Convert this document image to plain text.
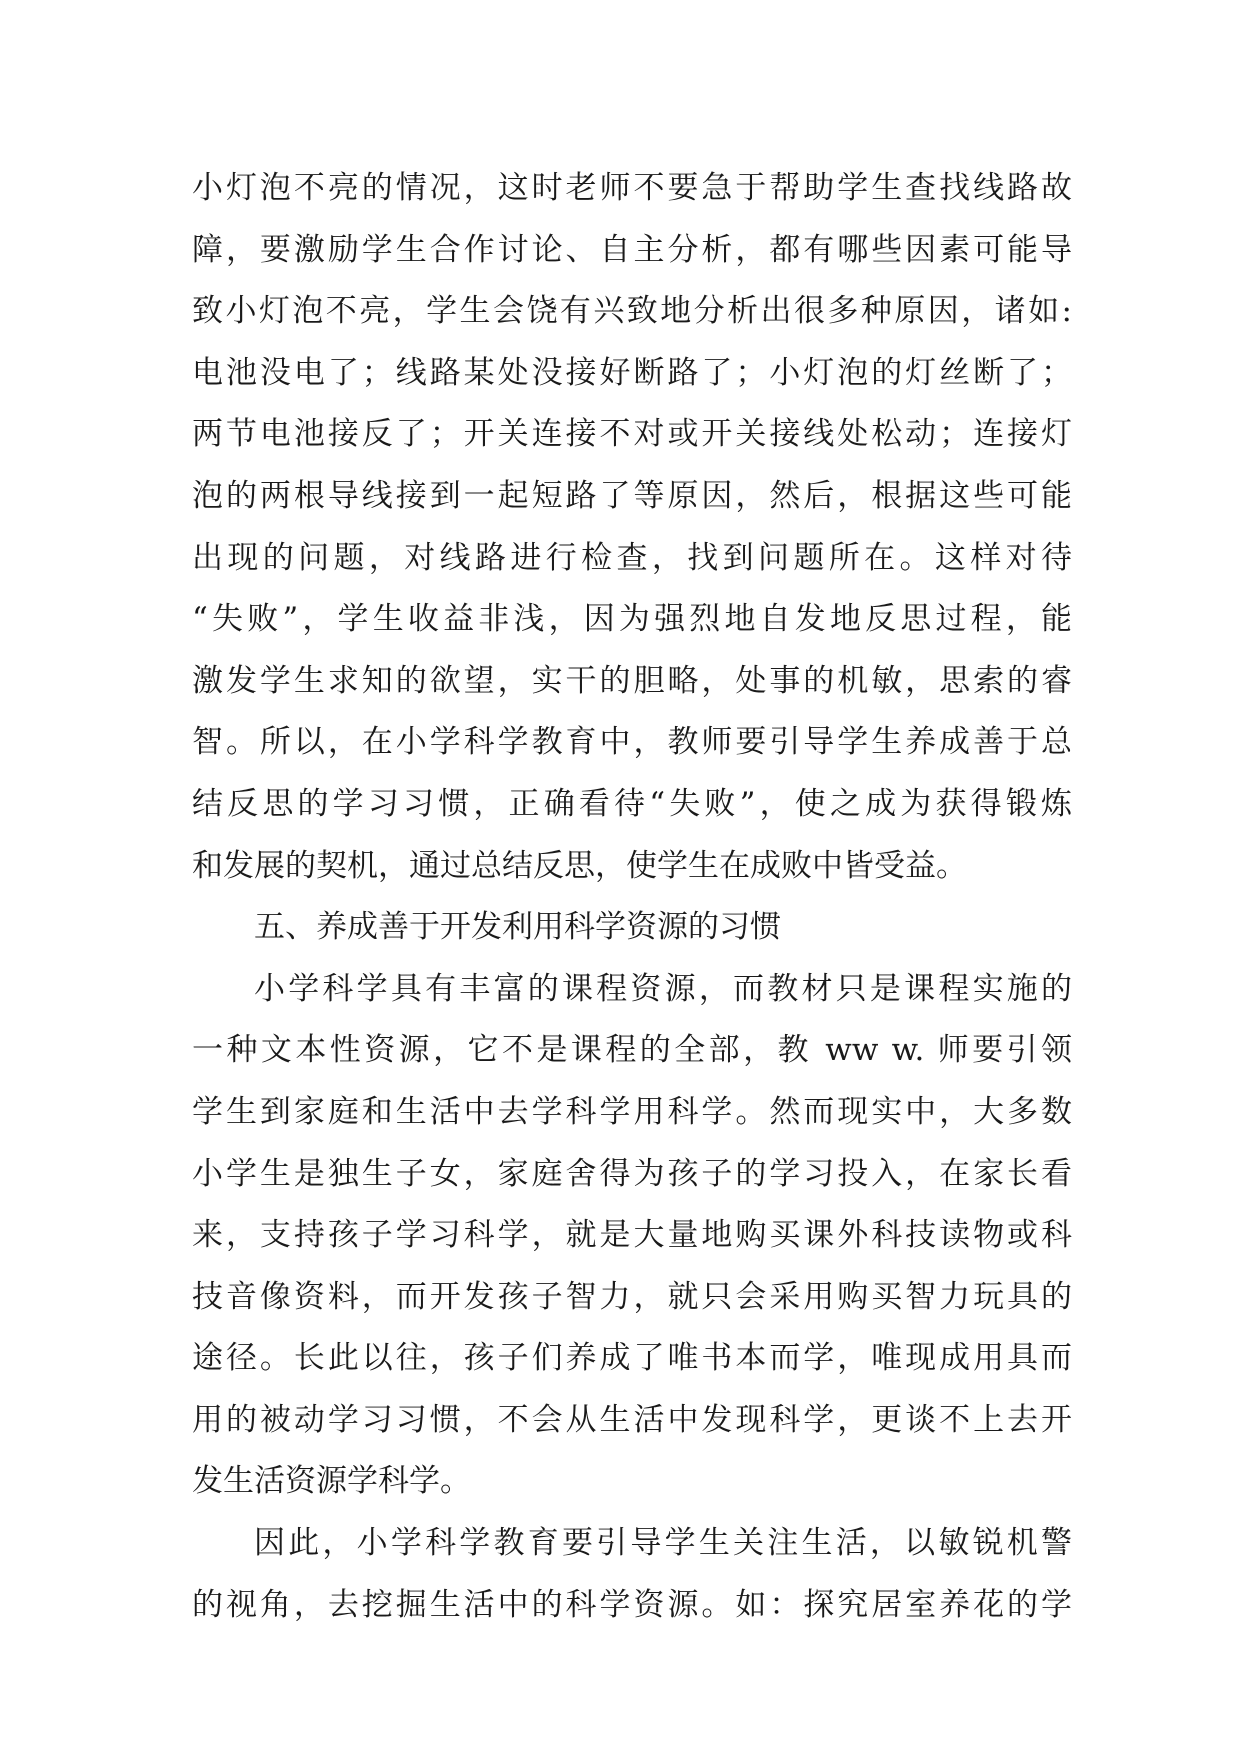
小灯泡不亮的情况，这时老师不要急于帮助学生查找线路故
障，要激励学生合作讨论、自主分析，都有哪些因素可能导
致小灯泡不亮，学生会饶有兴致地分析出很多种原因，诸如:
电池没电了；线路某处没接好断路了；小灯泡的灯丝断了；
两节电池接反了；开关连接不对或开关接线处松动；连接灯
泡的两根导线接到一起短路了等原因，然后，根据这些可能
出现的问题，对线路进行检查，找到问题所在。这样对待
“失败”，学生收益非浅，因为强烈地自发地反思过程，能
激发学生求知的欲望，实干的胆略，处事的机敏，思索的睿
智。所以，在小学科学教育中，教师要引导学生养成善于总
结反思的学习习惯，正确看待“失败”，使之成为获得锻炼
和发展的契机，通过总结反思，使学生在成败中皆受益。
五、养成善于开发利用科学资源的习惯
小学科学具有丰富的课程资源，而教材只是课程实施的
一种文本性资源，它不是课程的全部，教 ww w. 师要引领
学生到家庭和生活中去学科学用科学。然而现实中，大多数
小学生是独生子女，家庭舍得为孩子的学习投入，在家长看
来，支持孩子学习科学，就是大量地购买课外科技读物或科
技音像资料，而开发孩子智力，就只会采用购买智力玩具的
途径。长此以往，孩子们养成了唯书本而学，唯现成用具而
用的被动学习习惯，不会从生活中发现科学，更谈不上去开
发生活资源学科学。
因此，小学科学教育要引导学生关注生活，以敏锐机警
的视角，去挖掘生活中的科学资源。如：探究居室养花的学
